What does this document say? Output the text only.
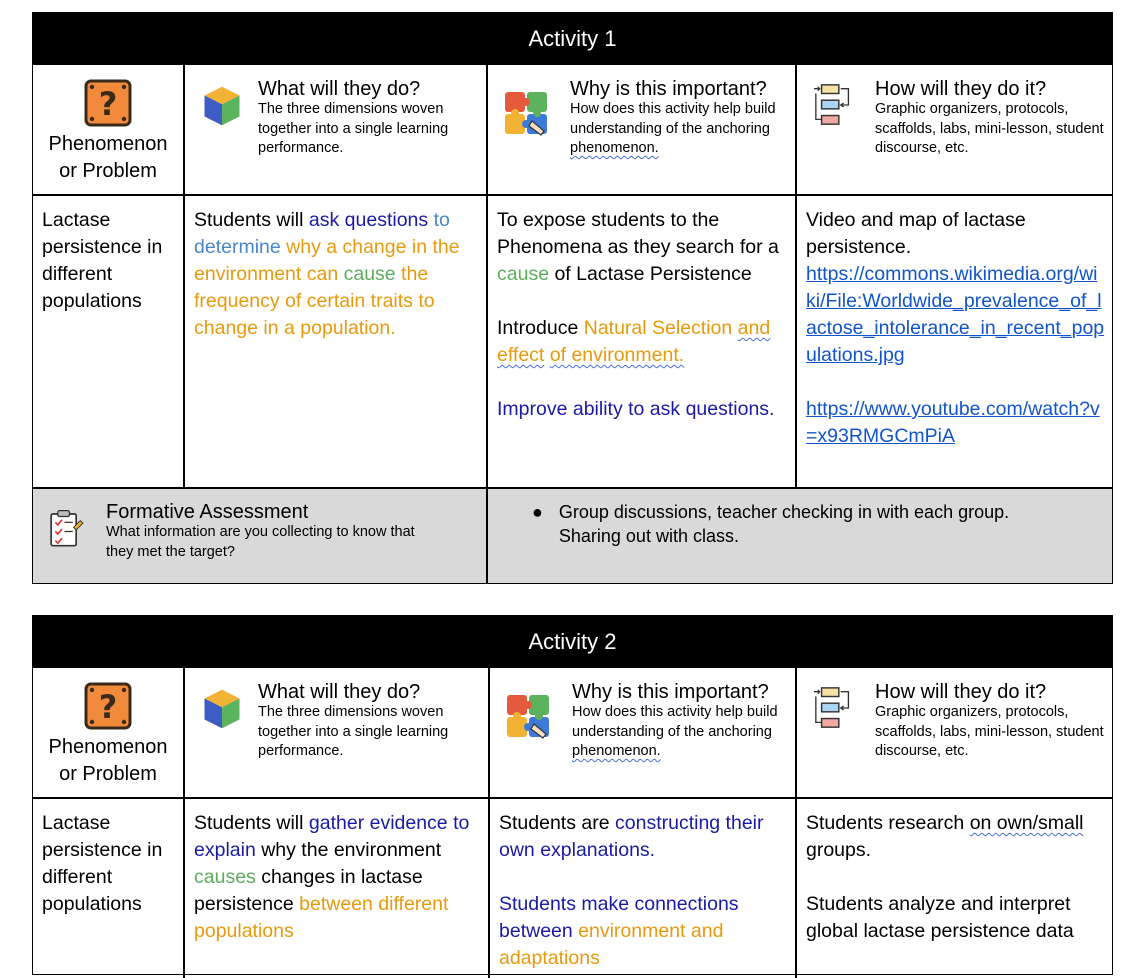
Activity 1
Phenomenon
or Problem
What will they do?
The three dimensions woven together into a single learning performance.
Why is this important?
How does this activity help build understanding of the anchoring phenomenon.
How will they do it?
Graphic organizers, protocols, scaffolds, labs, mini-lesson, student discourse, etc.
Lactase persistence in different populations
Students will ask questions to determine why a change in the environment can cause the frequency of certain traits to change in a population.
To expose students to the Phenomena as they search for a cause of Lactase Persistence
Introduce Natural Selection and effect of environment.
Improve ability to ask questions.
Video and map of lactase persistence.
https://commons.wikimedia.org/wiki/File:Worldwide_prevalence_of_lactose_intolerance_in_recent_populations.jpg
https://www.youtube.com/watch?v=x93RMGCmPiA
Formative Assessment
What information are you collecting to know that they met the target?
● Group discussions, teacher checking in with each group. Sharing out with class.
Activity 2
Phenomenon
or Problem
What will they do?
The three dimensions woven together into a single learning performance.
Why is this important?
How does this activity help build understanding of the anchoring phenomenon.
How will they do it?
Graphic organizers, protocols, scaffolds, labs, mini-lesson, student discourse, etc.
Lactase persistence in different populations
Students will gather evidence to explain why the environment causes changes in lactase persistence between different populations
Students are constructing their own explanations.
Students make connections between environment and adaptations
Students research on own/small groups.
Students analyze and interpret global lactase persistence data
